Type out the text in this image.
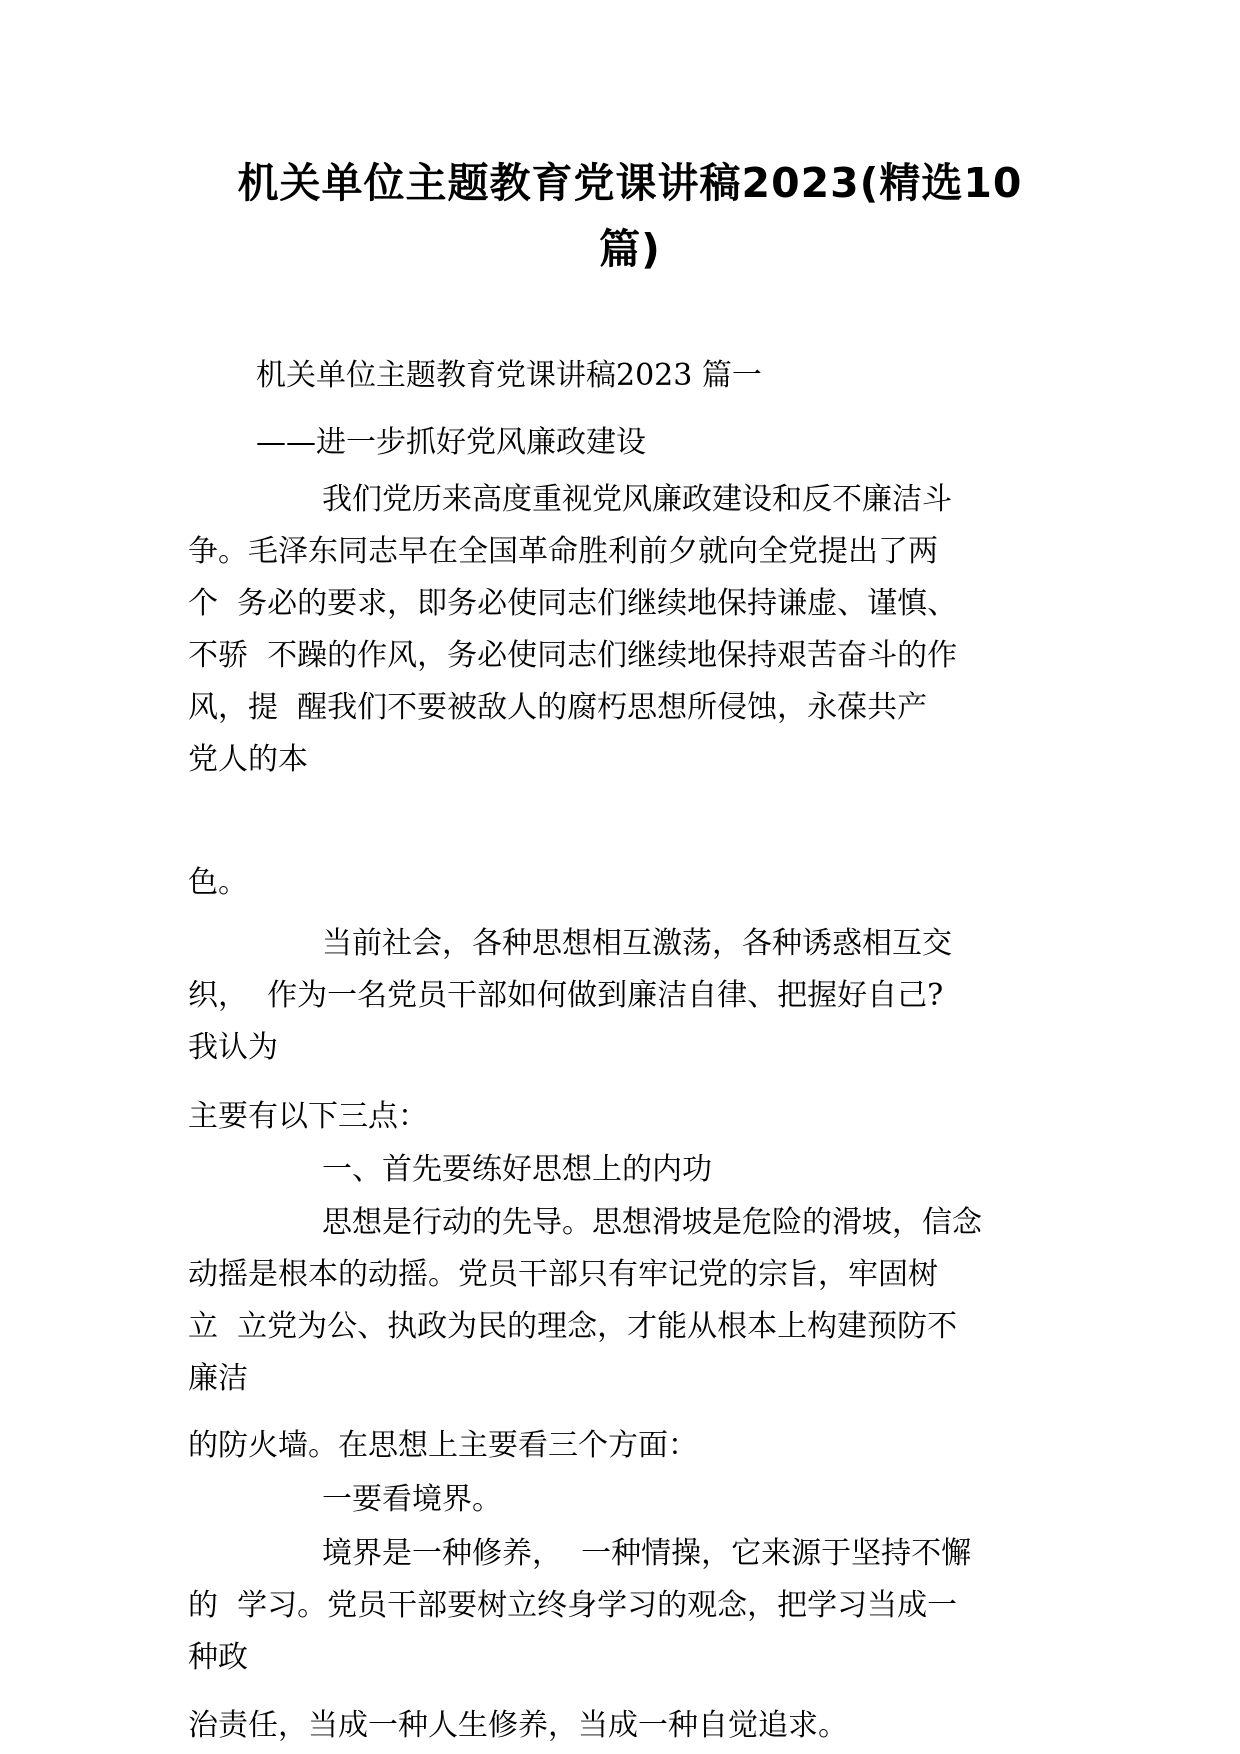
机关单位主题教育党课讲稿2023(精选10
篇)
机关单位主题教育党课讲稿2023 篇一
——进一步抓好党风廉政建设
我们党历来高度重视党风廉政建设和反不廉洁斗
争。毛泽东同志早在全国革命胜利前夕就向全党提出了两
个  务必的要求，即务必使同志们继续地保持谦虚、谨慎、
不骄  不躁的作风，务必使同志们继续地保持艰苦奋斗的作
风，提  醒我们不要被敌人的腐朽思想所侵蚀，永葆共产
党人的本
色。
当前社会，各种思想相互激荡，各种诱惑相互交
织，  作为一名党员干部如何做到廉洁自律、把握好自己?
我认为
主要有以下三点：
一、首先要练好思想上的内功
思想是行动的先导。思想滑坡是危险的滑坡，信念
动摇是根本的动摇。党员干部只有牢记党的宗旨，牢固树
立  立党为公、执政为民的理念，才能从根本上构建预防不
廉洁
的防火墙。在思想上主要看三个方面：
一要看境界。
境界是一种修养，  一种情操，它来源于坚持不懈
的  学习。党员干部要树立终身学习的观念，把学习当成一
种政
治责任，当成一种人生修养，当成一种自觉追求。
